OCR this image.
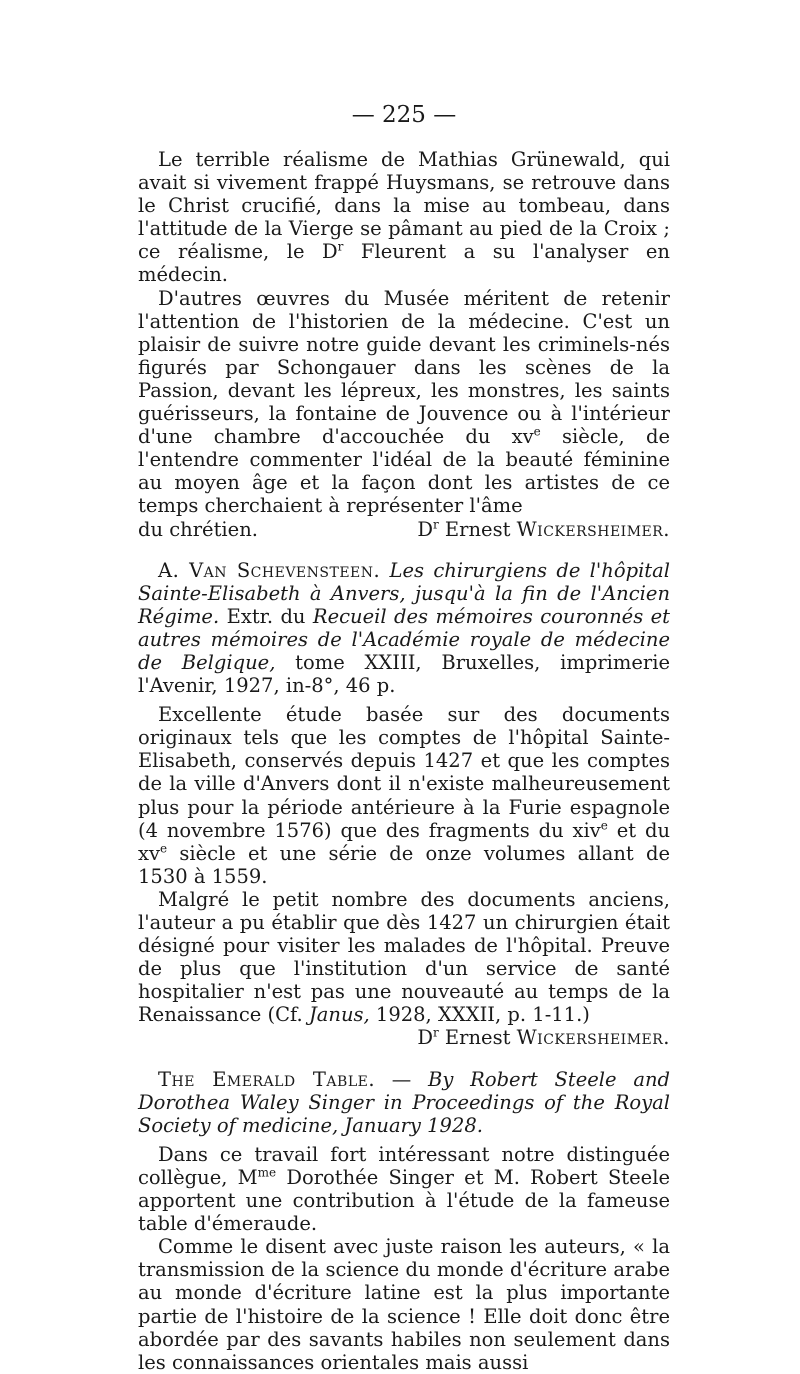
— 225 —

Le terrible réalisme de Mathias Grünewald, qui avait si vivement frappé Huysmans, se retrouve dans le Christ crucifié, dans la mise au tombeau, dans l'attitude de la Vierge se pâmant au pied de la Croix ; ce réalisme, le $D^r$ Fleurent a su l'analyser en médecin.

D'autres œuvres du Musée méritent de retenir l'attention de l'historien de la médecine. C'est un plaisir de suivre notre guide devant les criminels-nés figurés par Schongauer dans les scènes de la Passion, devant les lépreux, les monstres, les saints guérisseurs, la fontaine de Jouvence ou à l'intérieur d'une chambre d'accouchée du $xv^e$ siècle, de l'entendre commenter l'idéal de la beauté féminine au moyen âge et la façon dont les artistes de ce temps cherchaient à représenter l'âme

du chrétien.	$D^r$ Ernest Wickersheimer.

A. Van Schevensteen. Les chirurgiens de l'hôpital Sainte-Elisabeth à Anvers, jusqu'à la fin de l'Ancien Régime. Extr. du Recueil des mémoires couronnés et autres mémoires de l'Académie royale de médecine de Belgique, tome XXIII, Bruxelles, imprimerie l'Avenir, 1927, in-8°, 46 p.

Excellente étude basée sur des documents originaux tels que les comptes de l'hôpital Sainte-Elisabeth, conservés depuis 1427 et que les comptes de la ville d'Anvers dont il n'existe malheureusement plus pour la période antérieure à la Furie espagnole (4 novembre 1576) que des fragments du xiv$^e$ et du $xv^e$ siècle et une série de onze volumes allant de 1530 à 1559.

Malgré le petit nombre des documents anciens, l'auteur a pu établir que dès 1427 un chirurgien était désigné pour visiter les malades de l'hôpital. Preuve de plus que l'institution d'un service de santé hospitalier n'est pas une nouveauté au temps de la Renaissance (Cf. Janus, 1928, XXXII, p. 1-11.)

$D^r$ Ernest Wickersheimer.

The Emerald Table. — By Robert Steele and Dorothea Waley Singer in Proceedings of the Royal Society of medicine, January 1928.

Dans ce travail fort intéressant notre distinguée collègue, $M^{me}$ Dorothée Singer et M. Robert Steele apportent une contribution à l'étude de la fameuse table d'émeraude.

Comme le disent avec juste raison les auteurs, « la transmission de la science du monde d'écriture arabe au monde d'écriture latine est la plus importante partie de l'histoire de la science ! Elle doit donc être abordée par des savants habiles non seulement dans les connaissances orientales mais aussi
